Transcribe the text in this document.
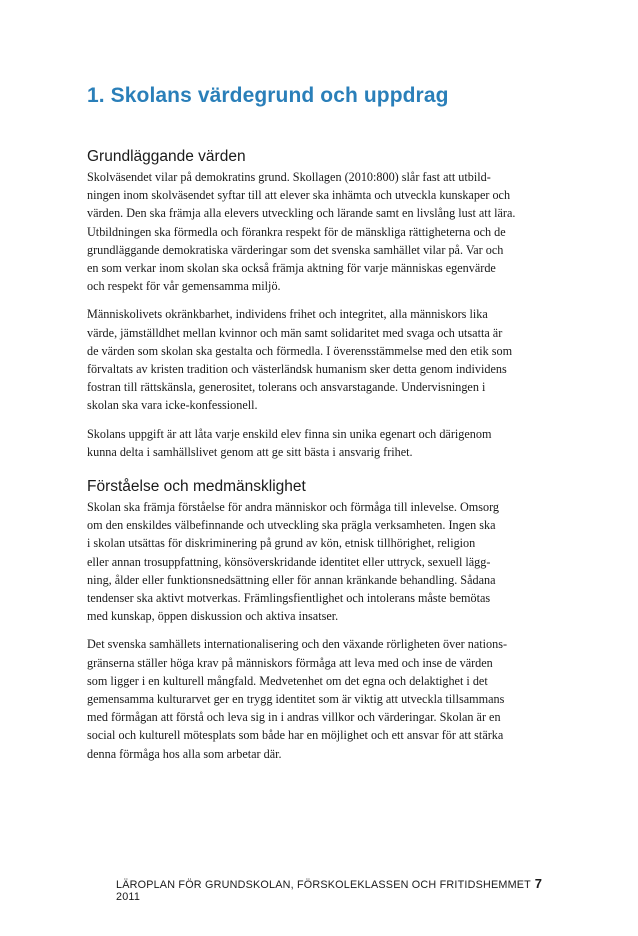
1. Skolans värdegrund och uppdrag
Grundläggande värden

Skolväsendet vilar på demokratins grund. Skollagen (2010:800) slår fast att utbild-
ningen inom skolväsendet syftar till att elever ska inhämta och utveckla kunskaper och
värden. Den ska främja alla elevers utveckling och lärande samt en livslång lust att lära.
Utbildningen ska förmedla och förankra respekt för de mänskliga rättigheterna och de
grundläggande demokratiska värderingar som det svenska samhället vilar på. Var och
en som verkar inom skolan ska också främja aktning för varje människas egenvärde
och respekt för vår gemensamma miljö.

Människolivets okränkbarhet, individens frihet och integritet, alla människors lika
värde, jämställdhet mellan kvinnor och män samt solidaritet med svaga och utsatta är
de värden som skolan ska gestalta och förmedla. I överensstämmelse med den etik som
förvaltats av kristen tradition och västerländsk humanism sker detta genom individens
fostran till rättskänsla, generositet, tolerans och ansvarstagande. Undervisningen i
skolan ska vara icke-konfessionell.

Skolans uppgift är att låta varje enskild elev finna sin unika egenart och därigenom
kunna delta i samhällslivet genom att ge sitt bästa i ansvarig frihet.

Förståelse och medmänsklighet

Skolan ska främja förståelse för andra människor och förmåga till inlevelse. Omsorg
om den enskildes välbefinnande och utveckling ska prägla verksamheten. Ingen ska
i skolan utsättas för diskriminering på grund av kön, etnisk tillhörighet, religion
eller annan trosuppfattning, könsöverskridande identitet eller uttryck, sexuell lägg-
ning, ålder eller funktionsnedsättning eller för annan kränkande behandling. Sådana
tendenser ska aktivt motverkas. Främlingsfientlighet och intolerans måste bemötas
med kunskap, öppen diskussion och aktiva insatser.

Det svenska samhällets internationalisering och den växande rörligheten över nations-
gränserna ställer höga krav på människors förmåga att leva med och inse de värden
som ligger i en kulturell mångfald. Medvetenhet om det egna och delaktighet i det
gemensamma kulturarvet ger en trygg identitet som är viktig att utveckla tillsammans
med förmågan att förstå och leva sig in i andras villkor och värderingar. Skolan är en
social och kulturell mötesplats som både har en möjlighet och ett ansvar för att stärka
denna förmåga hos alla som arbetar där.

LÄROPLAN FÖR GRUNDSKOLAN, FÖRSKOLEKLASSEN OCH FRITIDSHEMMET 2011
7
